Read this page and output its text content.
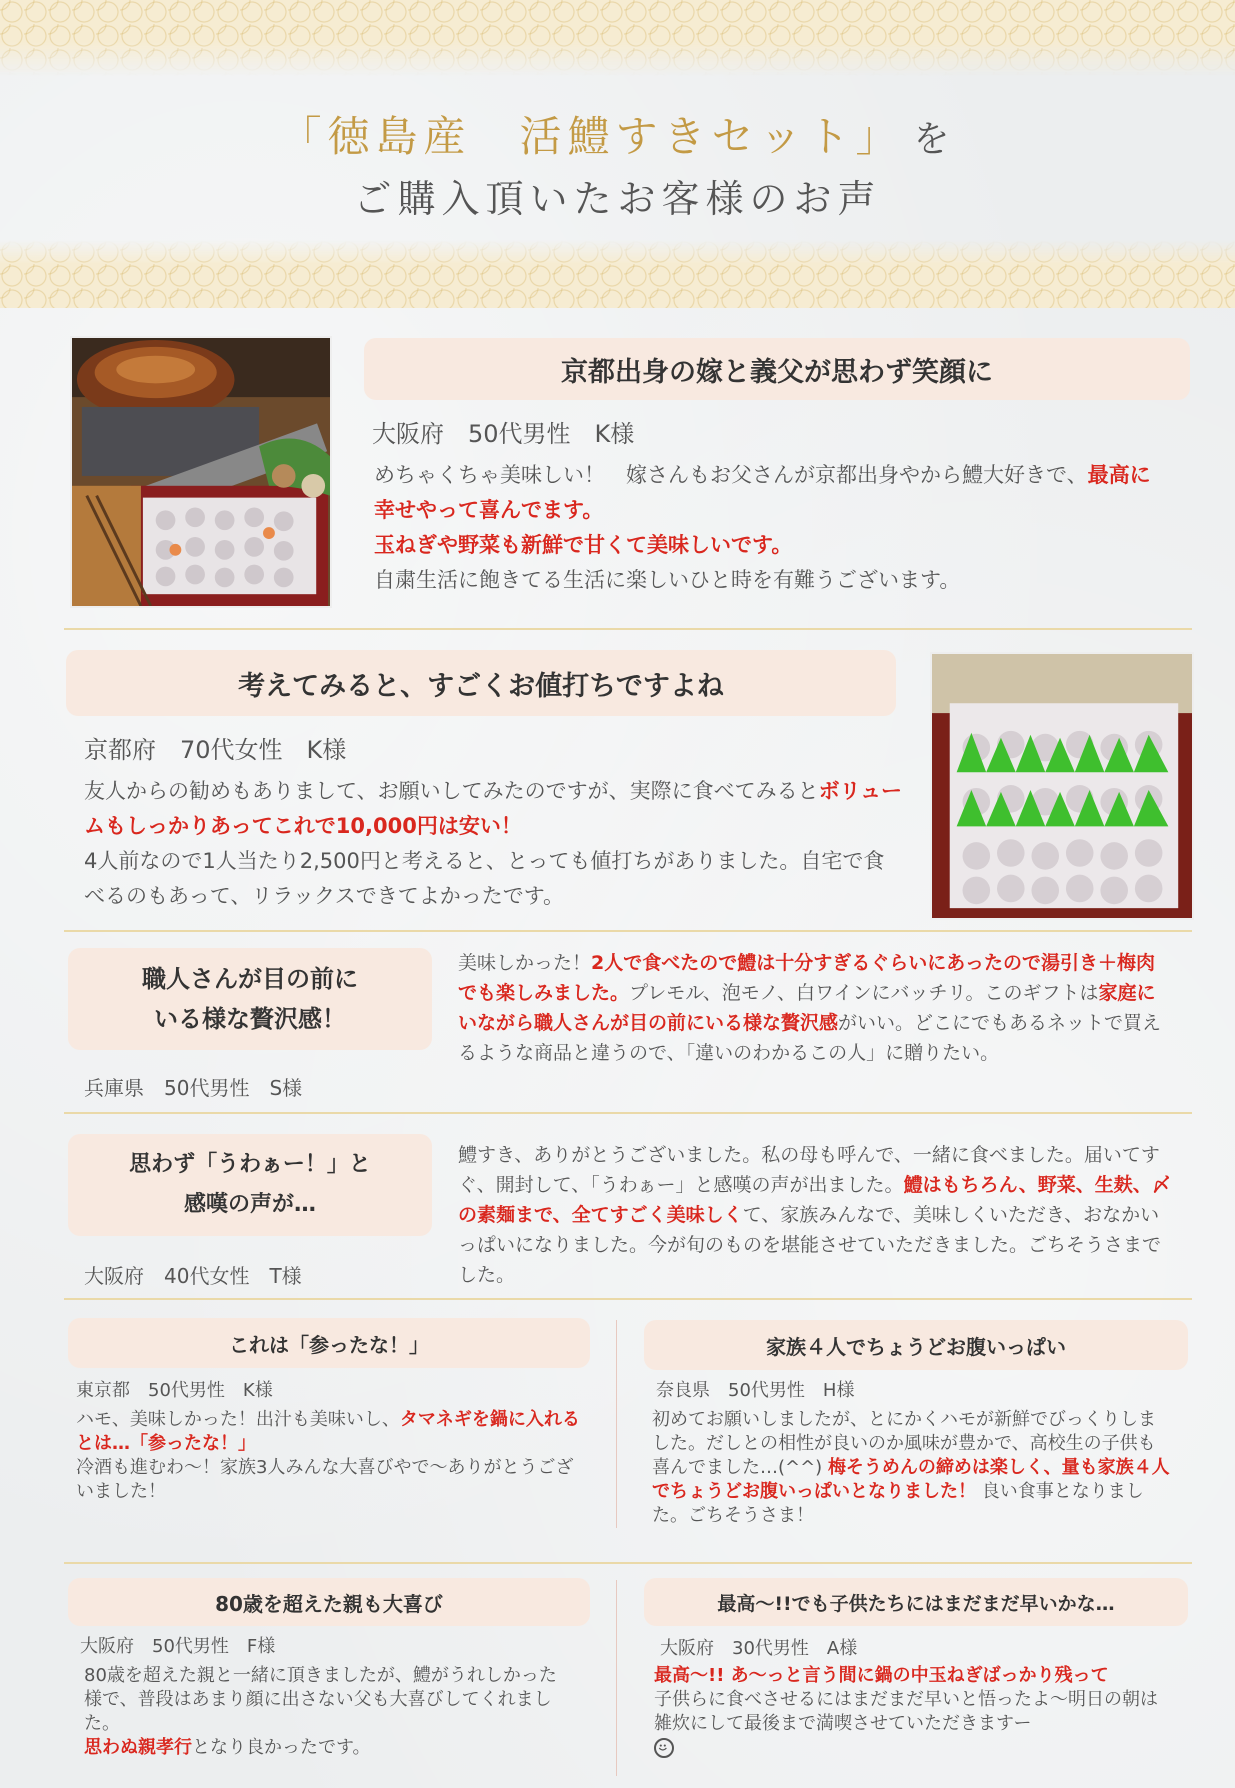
「徳島産　活鱧すきセット」 を
ご購入頂いたお客様のお声
京都出身の嫁と義父が思わず笑顔に
大阪府　50代男性　K様
めちゃくちゃ美味しい！　嫁さんもお父さんが京都出身やから鱧大好きで、最高に幸せやって喜んでます。
玉ねぎや野菜も新鮮で甘くて美味しいです。
自粛生活に飽きてる生活に楽しいひと時を有難うございます。
考えてみると、すごくお値打ちですよね
京都府　70代女性　K様
友人からの勧めもありまして、お願いしてみたのですが、実際に食べてみるとボリュームもしっかりあってこれで10,000円は安い！
4人前なので1人当たり2,500円と考えると、とっても値打ちがありました。自宅で食べるのもあって、リラックスできてよかったです。
職人さんが目の前に
いる様な贅沢感！
兵庫県　50代男性　S様
美味しかった！2人で食べたので鱧は十分すぎるぐらいにあったので湯引き＋梅肉でも楽しみました。プレモル、泡モノ、白ワインにバッチリ。このギフトは家庭にいながら職人さんが目の前にいる様な贅沢感がいい。どこにでもあるネットで買えるような商品と違うので、「違いのわかるこの人」に贈りたい。
思わず「うわぁー！」と
感嘆の声が…
大阪府　40代女性　T様
鱧すき、ありがとうございました。私の母も呼んで、一緒に食べました。届いてすぐ、開封して、「うわぁー」と感嘆の声が出ました。鱧はもちろん、野菜、生麸、〆の素麺まで、全てすごく美味しくて、家族みんなで、美味しくいただき、おなかいっぱいになりました。今が旬のものを堪能させていただきました。ごちそうさまでした。
これは「参ったな！」
東京都　50代男性　K様
ハモ、美味しかった！出汁も美味いし、タマネギを鍋に入れるとは…「参ったな！」
冷酒も進むわ～！家族3人みんな大喜びやで～ありがとうございました！
家族４人でちょうどお腹いっぱい
奈良県　50代男性　H様
初めてお願いしましたが、とにかくハモが新鮮でびっくりしました。だしとの相性が良いのか風味が豊かで、高校生の子供も喜んでました…(^^) 梅そうめんの締めは楽しく、量も家族４人でちょうどお腹いっぱいとなりました！ 良い食事となりました。ごちそうさま！
80歳を超えた親も大喜び
大阪府　50代男性　F様
80歳を超えた親と一緒に頂きましたが、鱧がうれしかった様で、普段はあまり顔に出さない父も大喜びしてくれました。
思わぬ親孝行となり良かったです。
最高～!!でも子供たちにはまだまだ早いかな…
大阪府　30代男性　A様
最高～!! あ～っと言う間に鍋の中玉ねぎばっかり残って
子供らに食べさせるにはまだまだ早いと悟ったよ～明日の朝は雑炊にして最後まで満喫させていただきますー
